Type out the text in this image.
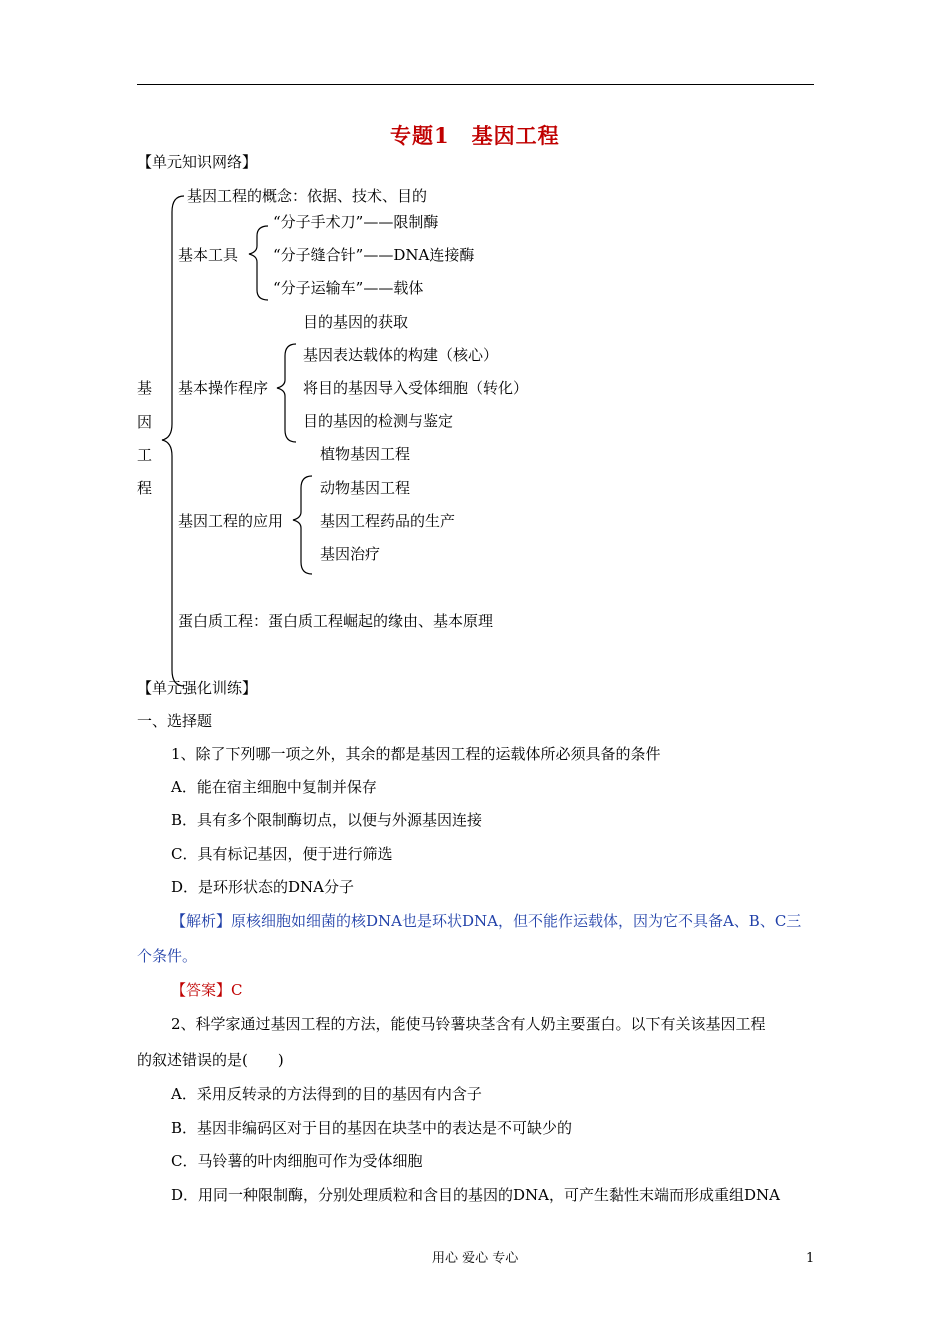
专题1　基因工程
【单元知识网络】
基
因
工
程
基因工程的概念：依据、技术、目的
基本工具
“分子手术刀”——限制酶
“分子缝合针”——DNA连接酶
“分子运输车”——载体
目的基因的获取
基本操作程序
基因表达载体的构建（核心）
将目的基因导入受体细胞（转化）
目的基因的检测与鉴定
植物基因工程
基因工程的应用
动物基因工程
基因工程药品的生产
基因治疗
蛋白质工程：蛋白质工程崛起的缘由、基本原理
【单元强化训练】
一、选择题
1、除了下列哪一项之外，其余的都是基因工程的运载体所必须具备的条件
A．能在宿主细胞中复制并保存
B．具有多个限制酶切点，以便与外源基因连接
C．具有标记基因，便于进行筛选
D．是环形状态的DNA分子
【解析】原核细胞如细菌的核DNA也是环状DNA，但不能作运载体，因为它不具备A、B、C三
个条件。
【答案】C
2、科学家通过基因工程的方法，能使马铃薯块茎含有人奶主要蛋白。以下有关该基因工程
的叙述错误的是(　　)
A．采用反转录的方法得到的目的基因有内含子
B．基因非编码区对于目的基因在块茎中的表达是不可缺少的
C．马铃薯的叶肉细胞可作为受体细胞
D．用同一种限制酶，分别处理质粒和含目的基因的DNA，可产生黏性末端而形成重组DNA
用心 爱心 专心	1
